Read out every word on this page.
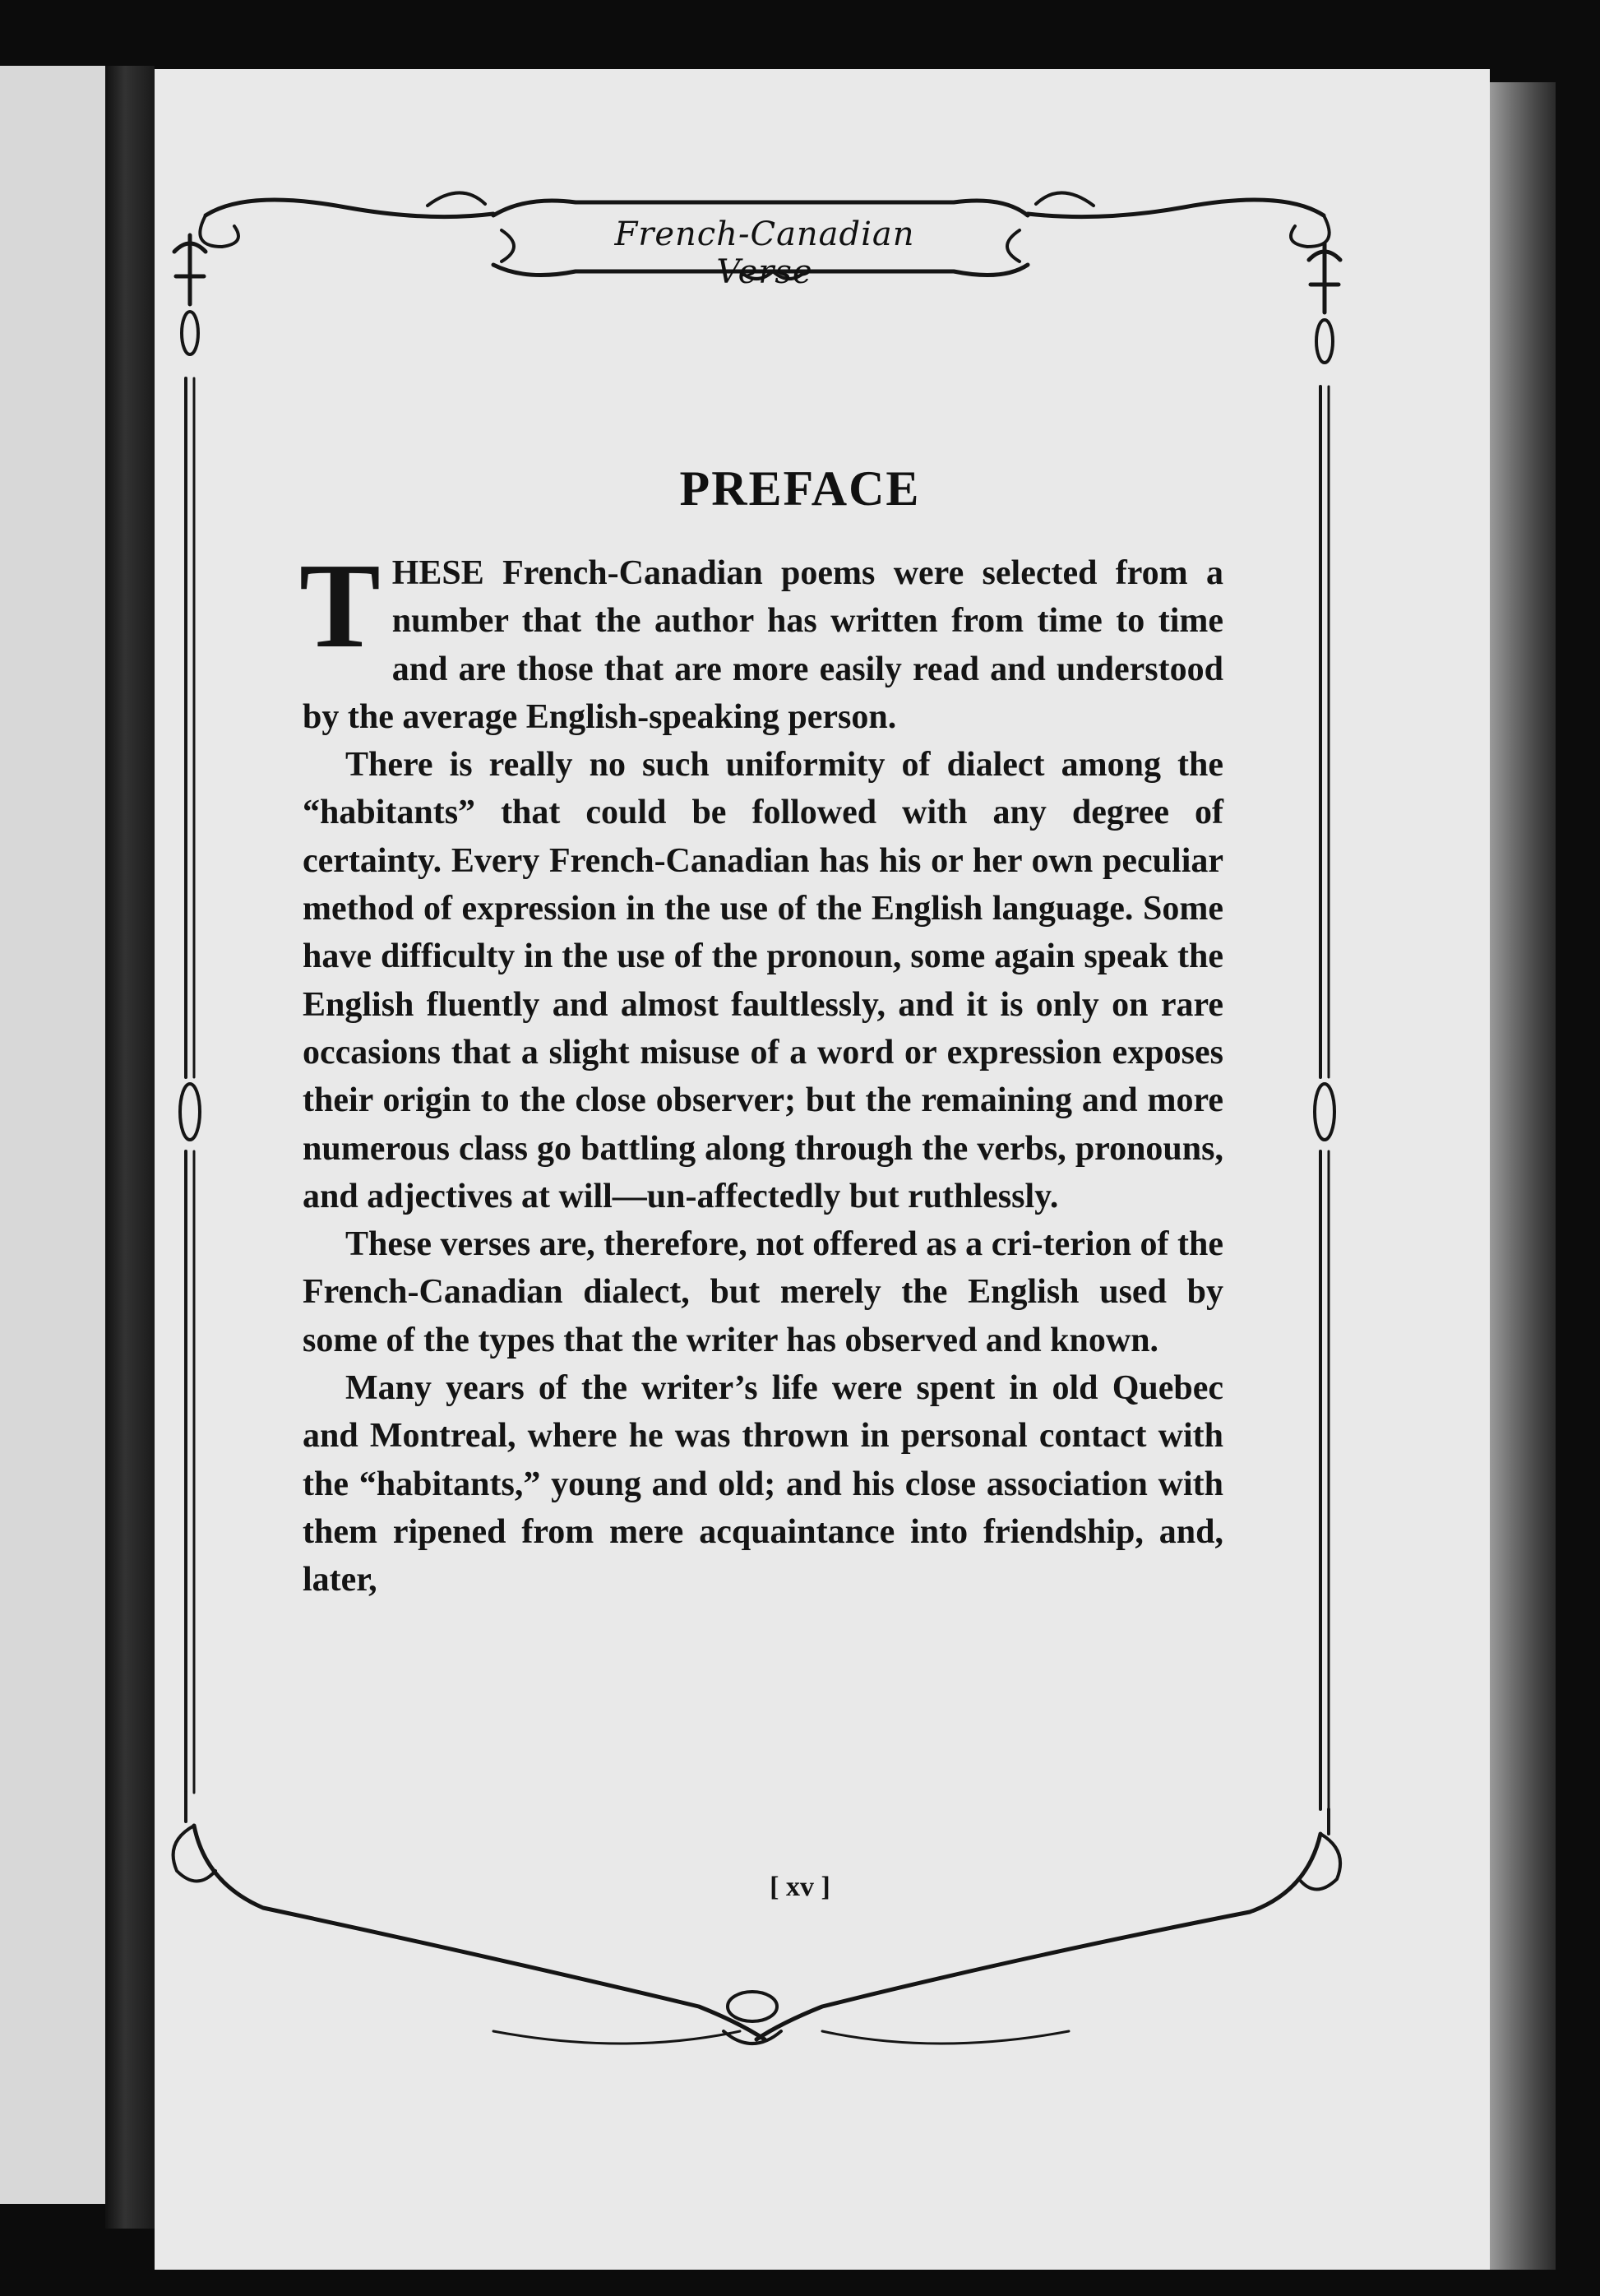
French-Canadian Verse
PREFACE

T HESE French-Canadian poems were selected from a number that the author has written from time to time and are those that are more easily read and understood by the average English-speaking person.

There is really no such uniformity of dialect among the “habitants” that could be followed with any degree of certainty. Every French-Canadian has his or her own peculiar method of expression in the use of the English language. Some have difficulty in the use of the pronoun, some again speak the English fluently and almost faultlessly, and it is only on rare occasions that a slight misuse of a word or expression exposes their origin to the close observer; but the remaining and more numerous class go battling along through the verbs, pronouns, and adjectives at will—un-affectedly but ruthlessly.

These verses are, therefore, not offered as a cri-terion of the French-Canadian dialect, but merely the English used by some of the types that the writer has observed and known.

Many years of the writer’s life were spent in old Quebec and Montreal, where he was thrown in personal contact with the “habitants,” young and old; and his close association with them ripened from mere acquaintance into friendship, and, later,

[ xv ]
